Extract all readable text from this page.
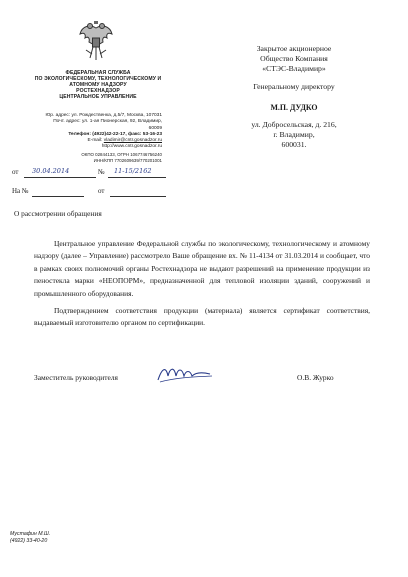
ФЕДЕРАЛЬНАЯ СЛУЖБА
ПО ЭКОЛОГИЧЕСКОМУ, ТЕХНОЛОГИЧЕСКОМУ И
АТОМНОМУ НАДЗОРУ
РОСТЕХНАДЗОР
ЦЕНТРАЛЬНОЕ УПРАВЛЕНИЕ
Юр. адрес: ул. Рождественка, д.5/7, Москва, 107031
Почт. адрес: ул. 1-ая Пионерская, 92, Владимир, 60009
Телефон: (4922)42-22-17, факс: 53-16-23
E-mail: vladimir@cntr.gosnadzor.ru
http://www.cntr.gosnadzor.ru
ОКПО 02844133, ОГРН 1067746756240
ИНН/КПП 7702609639/770201001
от 30.04.2014	№ 11-15/2162
На №	от
О рассмотрении обращения
Закрытое акционерное
Общество Компания
«СТЭС-Владимир»
Генеральному директору
М.П. ДУДКО
ул. Добросельская, д. 216,
г. Владимир,
600031.

Центральное управление Федеральной службы по экологическому, технологическому и атомному надзору (далее – Управление) рассмотрело Ваше обращение вх. № 11-4134 от 31.03.2014 и сообщает, что в рамках своих полномочий органы Ростехнадзора не выдают разрешений на применение продукции из пеностекла марки «НЕОПОРМ», предназначенной для тепловой изоляции зданий, сооружений и промышленного оборудования.

Подтверждением соответствия продукции (материала) является сертификат соответствия, выдаваемый изготовителю органом по сертификации.

Заместитель руководителя	О.В. Журко
Мустафин М.Ш.
(4922) 33-40-20
